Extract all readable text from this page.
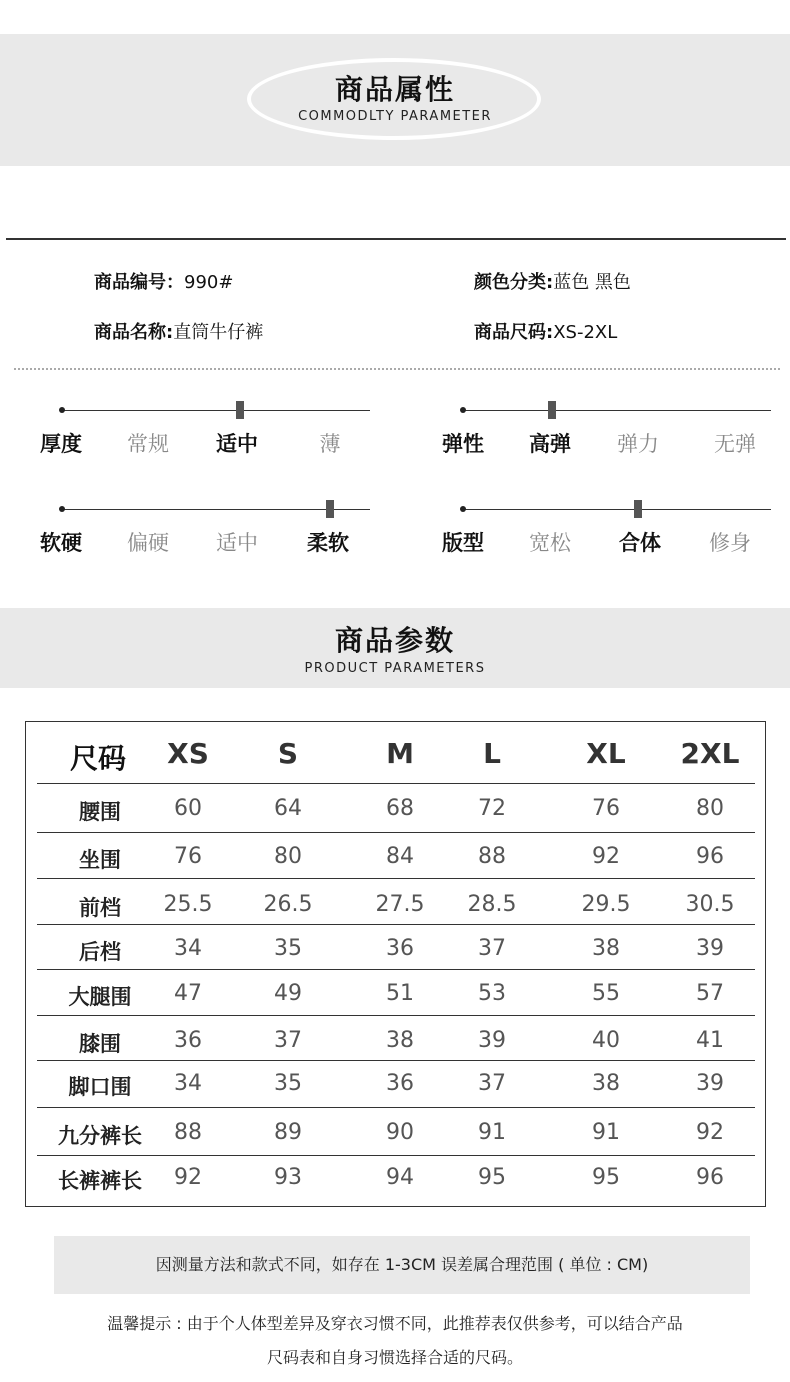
商品属性
COMMODLTY PARAMETER
商品编号：990#	颜色分类:蓝色 黑色
商品名称:直筒牛仔裤	商品尺码:XS-2XL
厚度	常规	适中	薄	弹性	高弹	弹力	无弹
软硬	偏硬	适中	柔软	版型	宽松	合体	修身
商品参数
PRODUCT PARAMETERS
尺码	XS	S	M	L	XL	2XL
腰围	60	64	68	72	76	80
坐围	76	80	84	88	92	96
前档	25.5	26.5	27.5	28.5	29.5	30.5
后档	34	35	36	37	38	39
大腿围	47	49	51	53	55	57
膝围	36	37	38	39	40	41
脚口围	34	35	36	37	38	39
九分裤长	88	89	90	91	91	92
长裤裤长	92	93	94	95	95	96
因测量方法和款式不同，如存在 1-3CM 误差属合理范围 ( 单位 : CM)
温馨提示 : 由于个人体型差异及穿衣习惯不同，此推荐表仅供参考，可以结合产品
尺码表和自身习惯选择合适的尺码。
